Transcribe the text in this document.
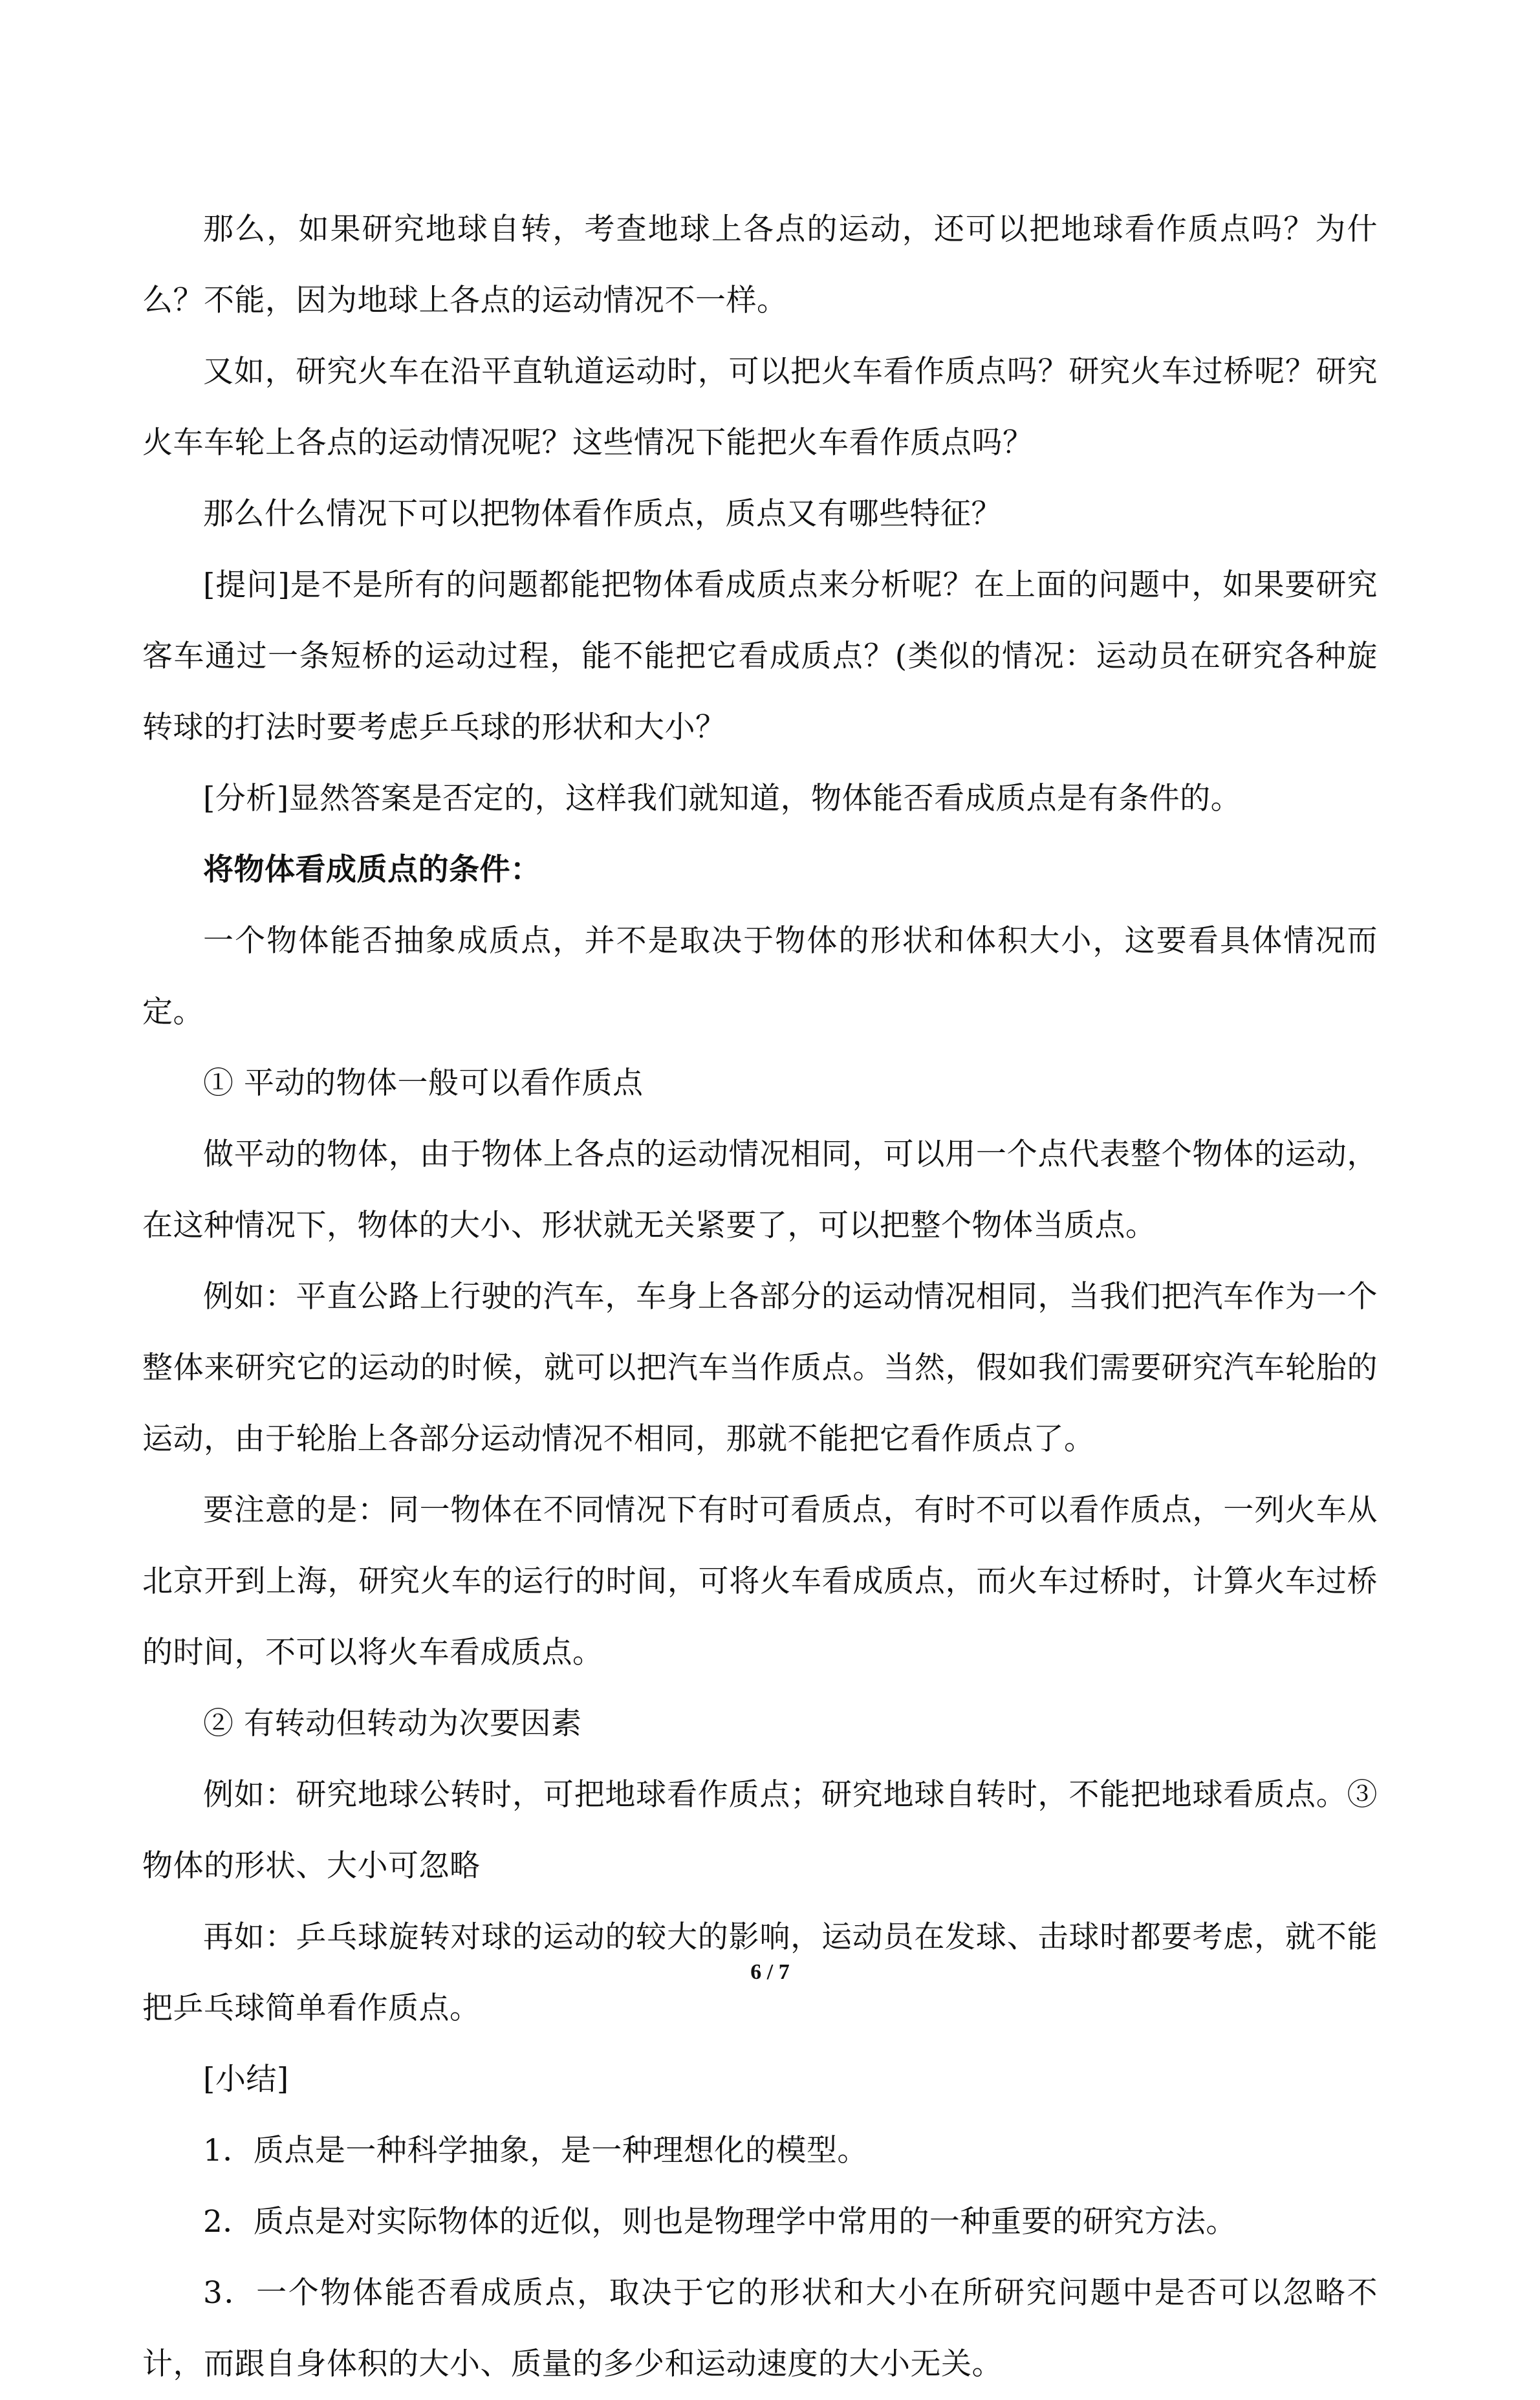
那么，如果研究地球自转，考查地球上各点的运动，还可以把地球看作质点吗？为什么？不能，因为地球上各点的运动情况不一样。

又如，研究火车在沿平直轨道运动时，可以把火车看作质点吗？研究火车过桥呢？研究火车车轮上各点的运动情况呢？这些情况下能把火车看作质点吗？

那么什么情况下可以把物体看作质点，质点又有哪些特征？

[提问]是不是所有的问题都能把物体看成质点来分析呢？在上面的问题中，如果要研究客车通过一条短桥的运动过程，能不能把它看成质点？(类似的情况：运动员在研究各种旋转球的打法时要考虑乒乓球的形状和大小？

[分析]显然答案是否定的，这样我们就知道，物体能否看成质点是有条件的。

将物体看成质点的条件：

一个物体能否抽象成质点，并不是取决于物体的形状和体积大小，这要看具体情况而定。

① 平动的物体一般可以看作质点

做平动的物体，由于物体上各点的运动情况相同，可以用一个点代表整个物体的运动，在这种情况下，物体的大小、形状就无关紧要了，可以把整个物体当质点。

例如：平直公路上行驶的汽车，车身上各部分的运动情况相同，当我们把汽车作为一个整体来研究它的运动的时候，就可以把汽车当作质点。当然，假如我们需要研究汽车轮胎的运动，由于轮胎上各部分运动情况不相同，那就不能把它看作质点了。

要注意的是：同一物体在不同情况下有时可看质点，有时不可以看作质点，一列火车从北京开到上海，研究火车的运行的时间，可将火车看成质点，而火车过桥时，计算火车过桥的时间，不可以将火车看成质点。

② 有转动但转动为次要因素

例如：研究地球公转时，可把地球看作质点；研究地球自转时，不能把地球看质点。③物体的形状、大小可忽略

再如：乒乓球旋转对球的运动的较大的影响，运动员在发球、击球时都要考虑，就不能把乒乓球简单看作质点。

[小结]

1．质点是一种科学抽象，是一种理想化的模型。

2．质点是对实际物体的近似，则也是物理学中常用的一种重要的研究方法。

3．一个物体能否看成质点，取决于它的形状和大小在所研究问题中是否可以忽略不计，而跟自身体积的大小、质量的多少和运动速度的大小无关。

6 / 7
